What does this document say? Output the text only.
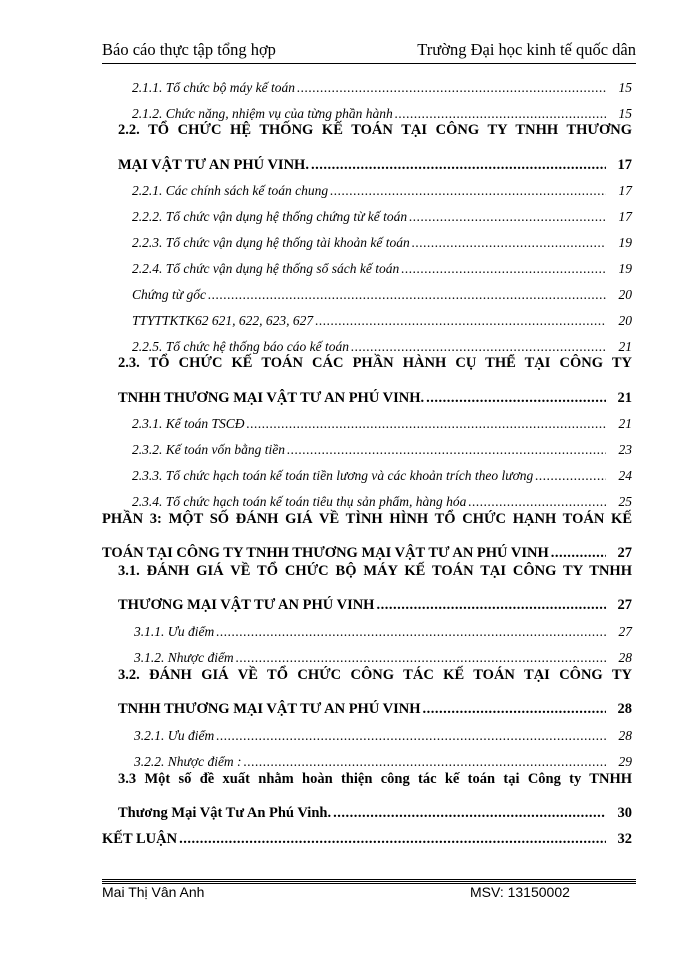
Báo cáo thực tập tổng hợp	Trường Đại học kinh tế quốc dân
2.1.1. Tổ chức bộ máy kế toán .....	15
2.1.2. Chức năng, nhiệm vụ của từng phần hành .....	15
2.2. TỔ CHỨC HỆ THỐNG KẾ TOÁN TẠI CÔNG TY TNHH THƯƠNG
MẠI VẬT TƯ AN PHÚ VINH. .....	17
2.2.1. Các chính sách kế toán chung .....	17
2.2.2. Tổ chức vận dụng hệ thống chứng từ kế toán .....	17
2.2.3. Tổ chức vận dụng hệ thống tài khoản kế toán .....	19
2.2.4. Tổ chức vận dụng hệ thống sổ sách kế toán .....	19
Chứng từ gốc .....	20
TTYTTKTK62 621, 622, 623, 627 .....	20
2.2.5. Tổ chức hệ thống báo cáo kế toán .....	21
2.3. TỔ CHỨC KẾ TOÁN CÁC PHẦN HÀNH CỤ THỂ TẠI CÔNG TY
TNHH THƯƠNG MẠI VẬT TƯ AN PHÚ VINH. .....	21
2.3.1. Kế toán TSCĐ .....	21
2.3.2. Kế toán vốn bằng tiền .....	23
2.3.3. Tổ chức hạch toán kế toán tiền lương và các khoản trích theo lương .....	24
2.3.4. Tổ chức hạch toán kế toán tiêu thụ sản phẩm, hàng hóa .....	25
PHẦN 3: MỘT SỐ ĐÁNH GIÁ VỀ TÌNH HÌNH TỔ CHỨC HẠNH TOÁN KẾ
TOÁN TẠI CÔNG TY TNHH THƯƠNG MẠI VẬT TƯ AN PHÚ VINH .....	27
3.1. ĐÁNH GIÁ VỀ TỔ CHỨC BỘ MÁY KẾ TOÁN TẠI CÔNG TY TNHH
THƯƠNG MẠI VẬT TƯ AN PHÚ VINH .....	27
3.1.1. Ưu điểm .....	27
3.1.2. Nhược điểm .....	28
3.2. ĐÁNH GIÁ VỀ TỔ CHỨC CÔNG TÁC KẾ TOÁN TẠI CÔNG TY
TNHH THƯƠNG MẠI VẬT TƯ AN PHÚ VINH .....	28
3.2.1. Ưu điểm .....	28
3.2.2. Nhược điểm : .....	29
3.3 Một số đề xuất nhằm hoàn thiện công tác kế toán tại Công ty TNHH
Thương Mại Vật Tư An Phú Vinh. .....	30
KẾT LUẬN .....	32
Mai Thị Vân Anh	MSV: 13150002
